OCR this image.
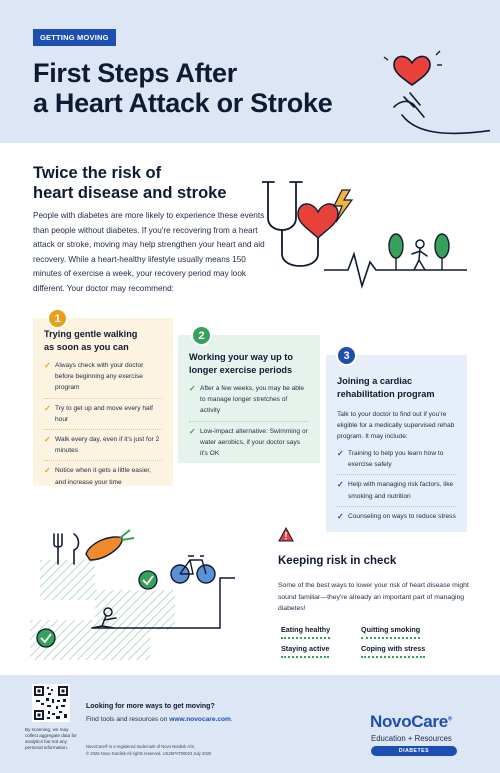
GETTING MOVING
First Steps After
a Heart Attack or Stroke
Twice the risk of
heart disease and stroke
People with diabetes are more likely to experience these events than people without diabetes. If you're recovering from a heart attack or stroke, moving may help strengthen your heart and aid recovery. While a heart-healthy lifestyle usually means 150 minutes of exercise a week, your recovery period may look different. Your doctor may recommend:
1
Trying gentle walking
as soon as you can
✓ Always check with your doctor before beginning any exercise program
✓ Try to get up and move every half hour
✓ Walk every day, even if it's just for 2 minutes
✓ Notice when it gets a little easier, and increase your time
2
Working your way up to
longer exercise periods
✓ After a few weeks, you may be able to manage longer stretches of activity
✓ Low-impact alternative: Swimming or water aerobics, if your doctor says it's OK
3
Joining a cardiac
rehabilitation program
Talk to your doctor to find out if you're eligible for a medically supervised rehab program. It may include:
✓ Training to help you learn how to exercise safely
✓ Help with managing risk factors, like smoking and nutrition
✓ Counseling on ways to reduce stress
Keeping risk in check
Some of the best ways to lower your risk of heart disease might sound familiar—they're already an important part of managing diabetes!
Eating healthy	Quitting smoking
Staying active	Coping with stress
By scanning, we may collect aggregate data for analytics but not any personal information.
Looking for more ways to get moving?
Find tools and resources on www.novocare.com.
NovoCare® is a registered trademark of Novo Nordisk A/S.
© 2025 Novo Nordisk All rights reserved. US25PAT00023 July 2025
NovoCare®
Education + Resources
DIABETES
